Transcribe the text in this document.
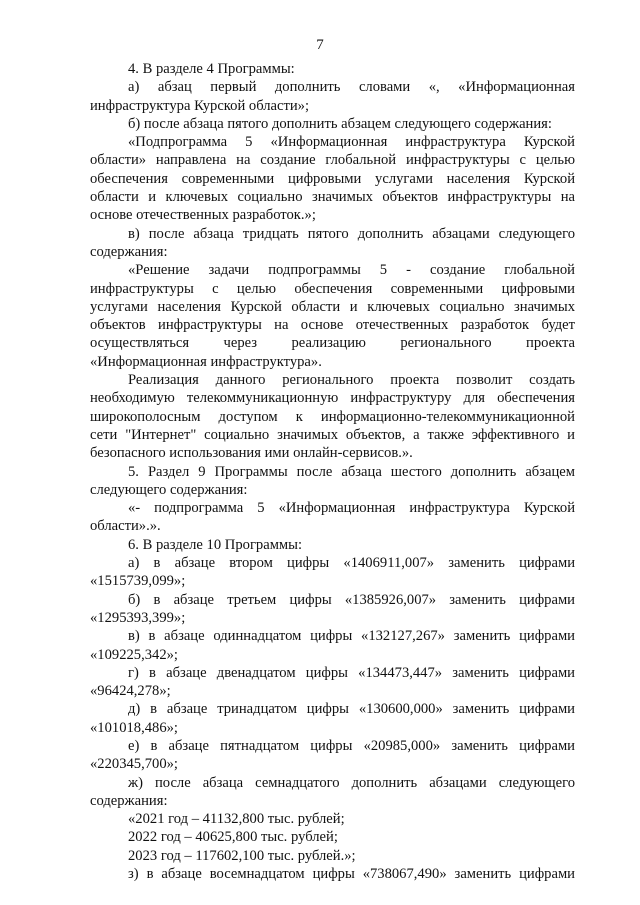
7
4. В разделе 4 Программы:
а) абзац первый дополнить словами «, «Информационная
инфраструктура Курской области»;
б) после абзаца пятого дополнить абзацем следующего содержания:
«Подпрограмма 5 «Информационная инфраструктура Курской
области» направлена на создание глобальной инфраструктуры с целью
обеспечения современными цифровыми услугами населения Курской
области и ключевых социально значимых объектов инфраструктуры на
основе отечественных разработок.»;
в) после абзаца тридцать пятого дополнить абзацами следующего
содержания:
«Решение задачи подпрограммы 5 - создание глобальной
инфраструктуры с целью обеспечения современными цифровыми
услугами населения Курской области и ключевых социально значимых
объектов инфраструктуры на основе отечественных разработок будет
осуществляться через реализацию регионального проекта
«Информационная инфраструктура».
Реализация данного регионального проекта позволит создать
необходимую телекоммуникационную инфраструктуру для обеспечения
широкополосным доступом к информационно-телекоммуникационной
сети "Интернет" социально значимых объектов, а также эффективного и
безопасного использования ими онлайн-сервисов.».
5. Раздел 9 Программы после абзаца шестого дополнить абзацем
следующего содержания:
«- подпрограмма 5 «Информационная инфраструктура Курской
области».».
6. В разделе 10 Программы:
а) в абзаце втором цифры «1406911,007» заменить цифрами
«1515739,099»;
б) в абзаце третьем цифры «1385926,007» заменить цифрами
«1295393,399»;
в) в абзаце одиннадцатом цифры «132127,267» заменить цифрами
«109225,342»;
г) в абзаце двенадцатом цифры «134473,447» заменить цифрами
«96424,278»;
д) в абзаце тринадцатом цифры «130600,000» заменить цифрами
«101018,486»;
е) в абзаце пятнадцатом цифры «20985,000» заменить цифрами
«220345,700»;
ж) после абзаца семнадцатого дополнить абзацами следующего
содержания:
«2021 год – 41132,800 тыс. рублей;
2022 год – 40625,800 тыс. рублей;
2023 год – 117602,100 тыс. рублей.»;
з) в абзаце восемнадцатом цифры «738067,490» заменить цифрами
